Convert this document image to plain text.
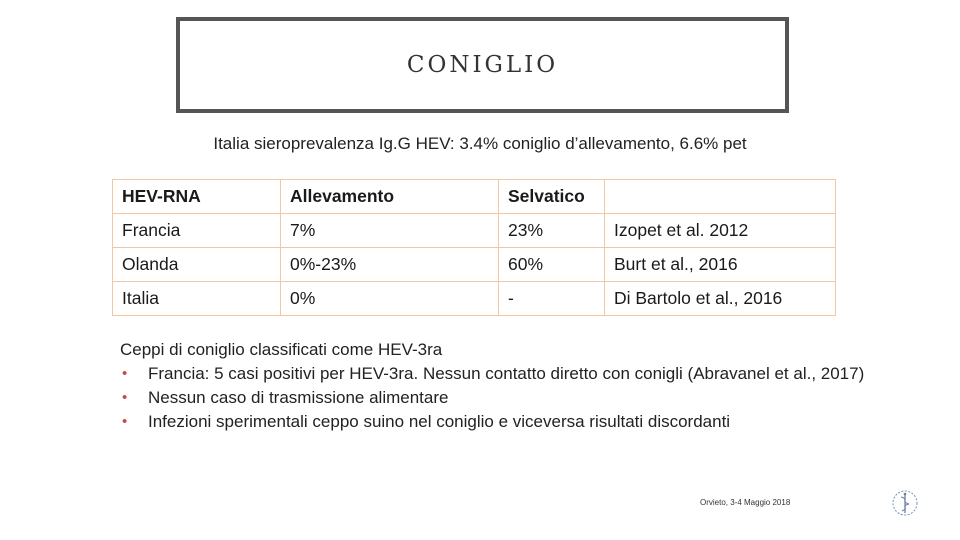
CONIGLIO
Italia sieroprevalenza Ig.G HEV: 3.4% coniglio d’allevamento, 6.6% pet
HEV-RNA	Allevamento	Selvatico	
Francia	7%	23%	Izopet et al. 2012
Olanda	0%-23%	60%	Burt et al., 2016
Italia	0%	-	Di Bartolo et al., 2016
Ceppi di coniglio classificati come HEV-3ra
• Francia: 5 casi positivi per HEV-3ra. Nessun contatto diretto con conigli (Abravanel et al., 2017)
• Nessun caso di trasmissione alimentare
• Infezioni sperimentali ceppo suino nel coniglio e viceversa risultati discordanti
Orvieto, 3-4 Maggio 2018
